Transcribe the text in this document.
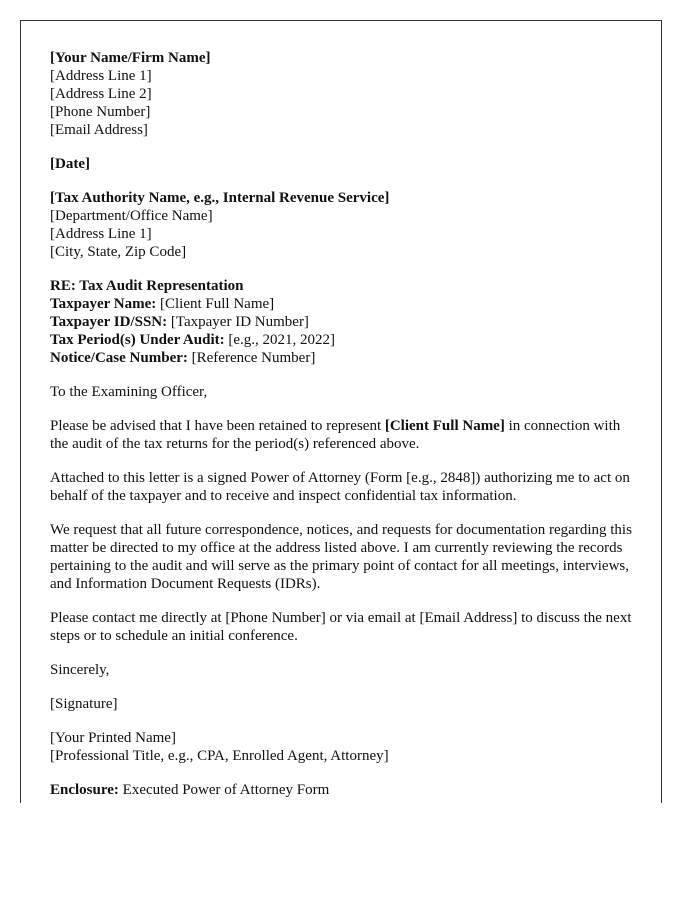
[Your Name/Firm Name]
[Address Line 1]
[Address Line 2]
[Phone Number]
[Email Address]

[Date]

[Tax Authority Name, e.g., Internal Revenue Service]
[Department/Office Name]
[Address Line 1]
[City, State, Zip Code]

RE: Tax Audit Representation
Taxpayer Name: [Client Full Name]
Taxpayer ID/SSN: [Taxpayer ID Number]
Tax Period(s) Under Audit: [e.g., 2021, 2022]
Notice/Case Number: [Reference Number]

To the Examining Officer,

Please be advised that I have been retained to represent [Client Full Name] in connection with the audit of the tax returns for the period(s) referenced above.

Attached to this letter is a signed Power of Attorney (Form [e.g., 2848]) authorizing me to act on behalf of the taxpayer and to receive and inspect confidential tax information.

We request that all future correspondence, notices, and requests for documentation regarding this matter be directed to my office at the address listed above. I am currently reviewing the records pertaining to the audit and will serve as the primary point of contact for all meetings, interviews, and Information Document Requests (IDRs).

Please contact me directly at [Phone Number] or via email at [Email Address] to discuss the next steps or to schedule an initial conference.

Sincerely,

[Signature]

[Your Printed Name]
[Professional Title, e.g., CPA, Enrolled Agent, Attorney]

Enclosure: Executed Power of Attorney Form
